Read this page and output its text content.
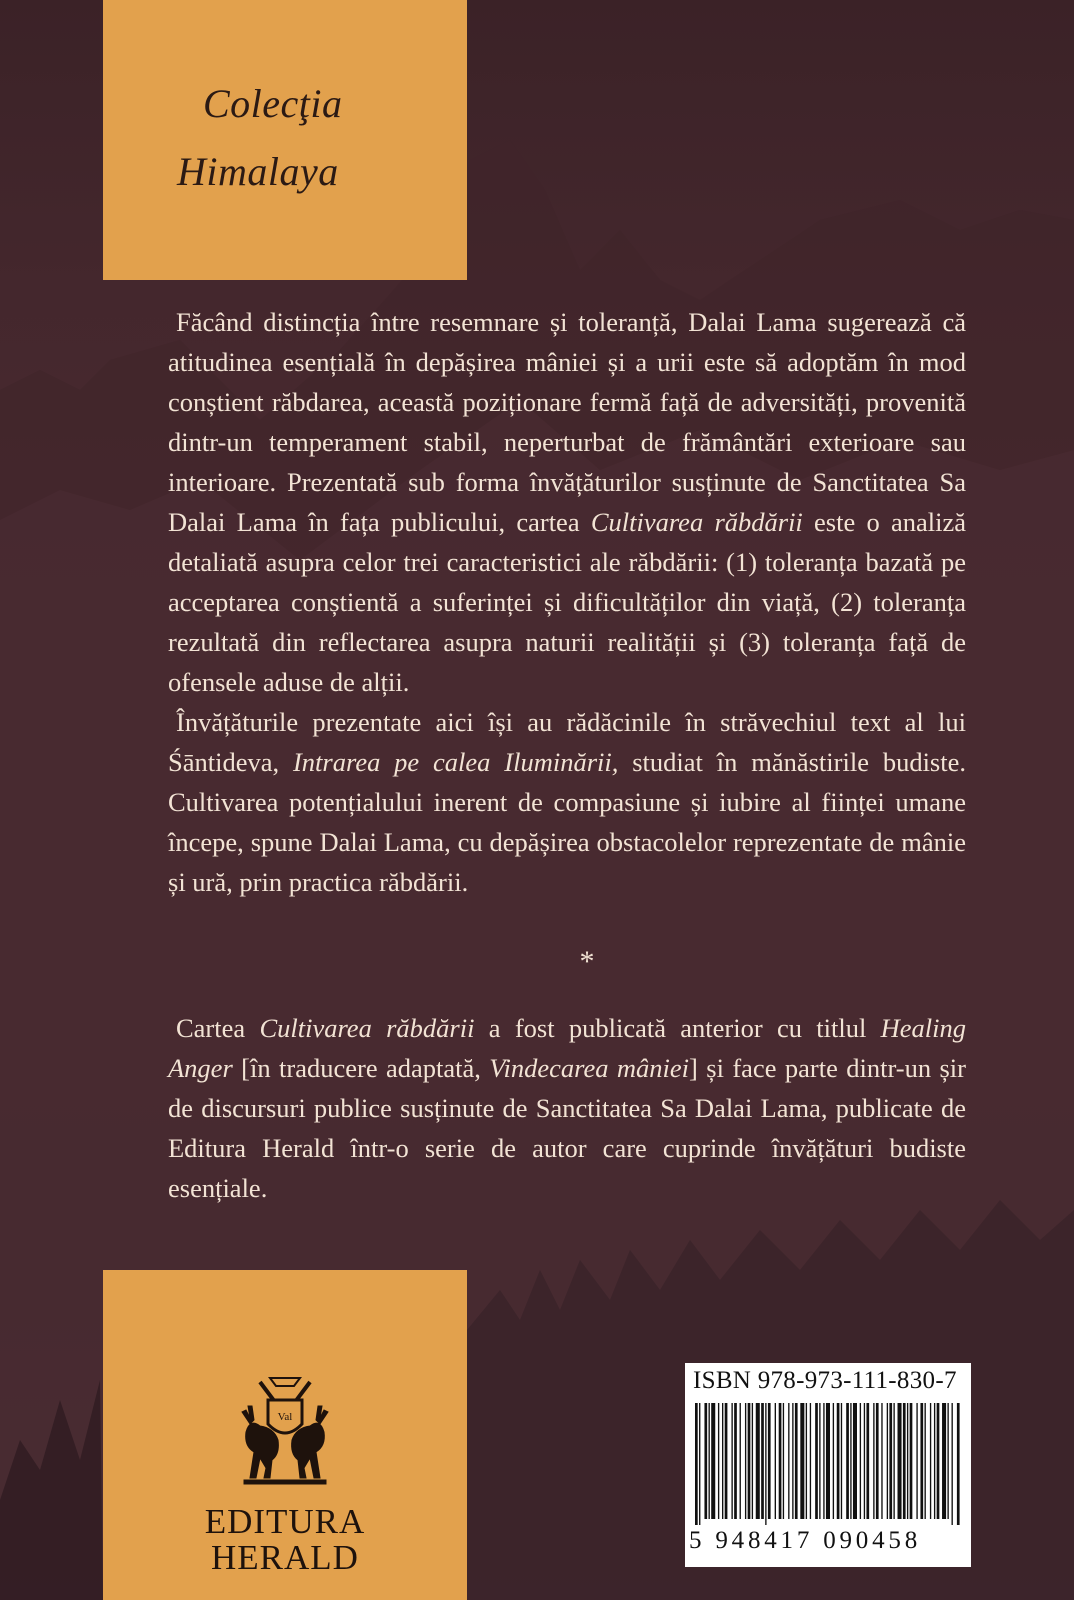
Colecţia
Himalaya

Făcând distincția între resemnare și toleranță, Dalai Lama sugerează că atitudinea esențială în depășirea mâniei și a urii este să adoptăm în mod conștient răbdarea, această poziționare fermă față de adversități, provenită dintr-un temperament stabil, neperturbat de frământări exterioare sau interioare. Prezentată sub forma învățăturilor susținute de Sanctitatea Sa Dalai Lama în fața publicului, cartea Cultivarea răbdării este o analiză detaliată asupra celor trei caracteristici ale răbdării: (1) toleranța bazată pe acceptarea conștientă a suferinței și dificultăților din viață, (2) toleranța rezultată din reflectarea asupra naturii realității și (3) toleranța față de ofensele aduse de alții.

Învățăturile prezentate aici își au rădăcinile în străvechiul text al lui Śāntideva, Intrarea pe calea Iluminării, studiat în mănăstirile budiste. Cultivarea potențialului inerent de compasiune și iubire al ființei umane începe, spune Dalai Lama, cu depășirea obstacolelor reprezentate de mânie și ură, prin practica răbdării.

*

Cartea Cultivarea răbdării a fost publicată anterior cu titlul Healing Anger [în traducere adaptată, Vindecarea mâniei] și face parte dintr-un șir de discursuri publice susținute de Sanctitatea Sa Dalai Lama, publicate de Editura Herald într-o serie de autor care cuprinde învățături budiste esențiale.

Val
EDITURA
HERALD
ISBN 978-973-111-830-7
5 948417 090458
